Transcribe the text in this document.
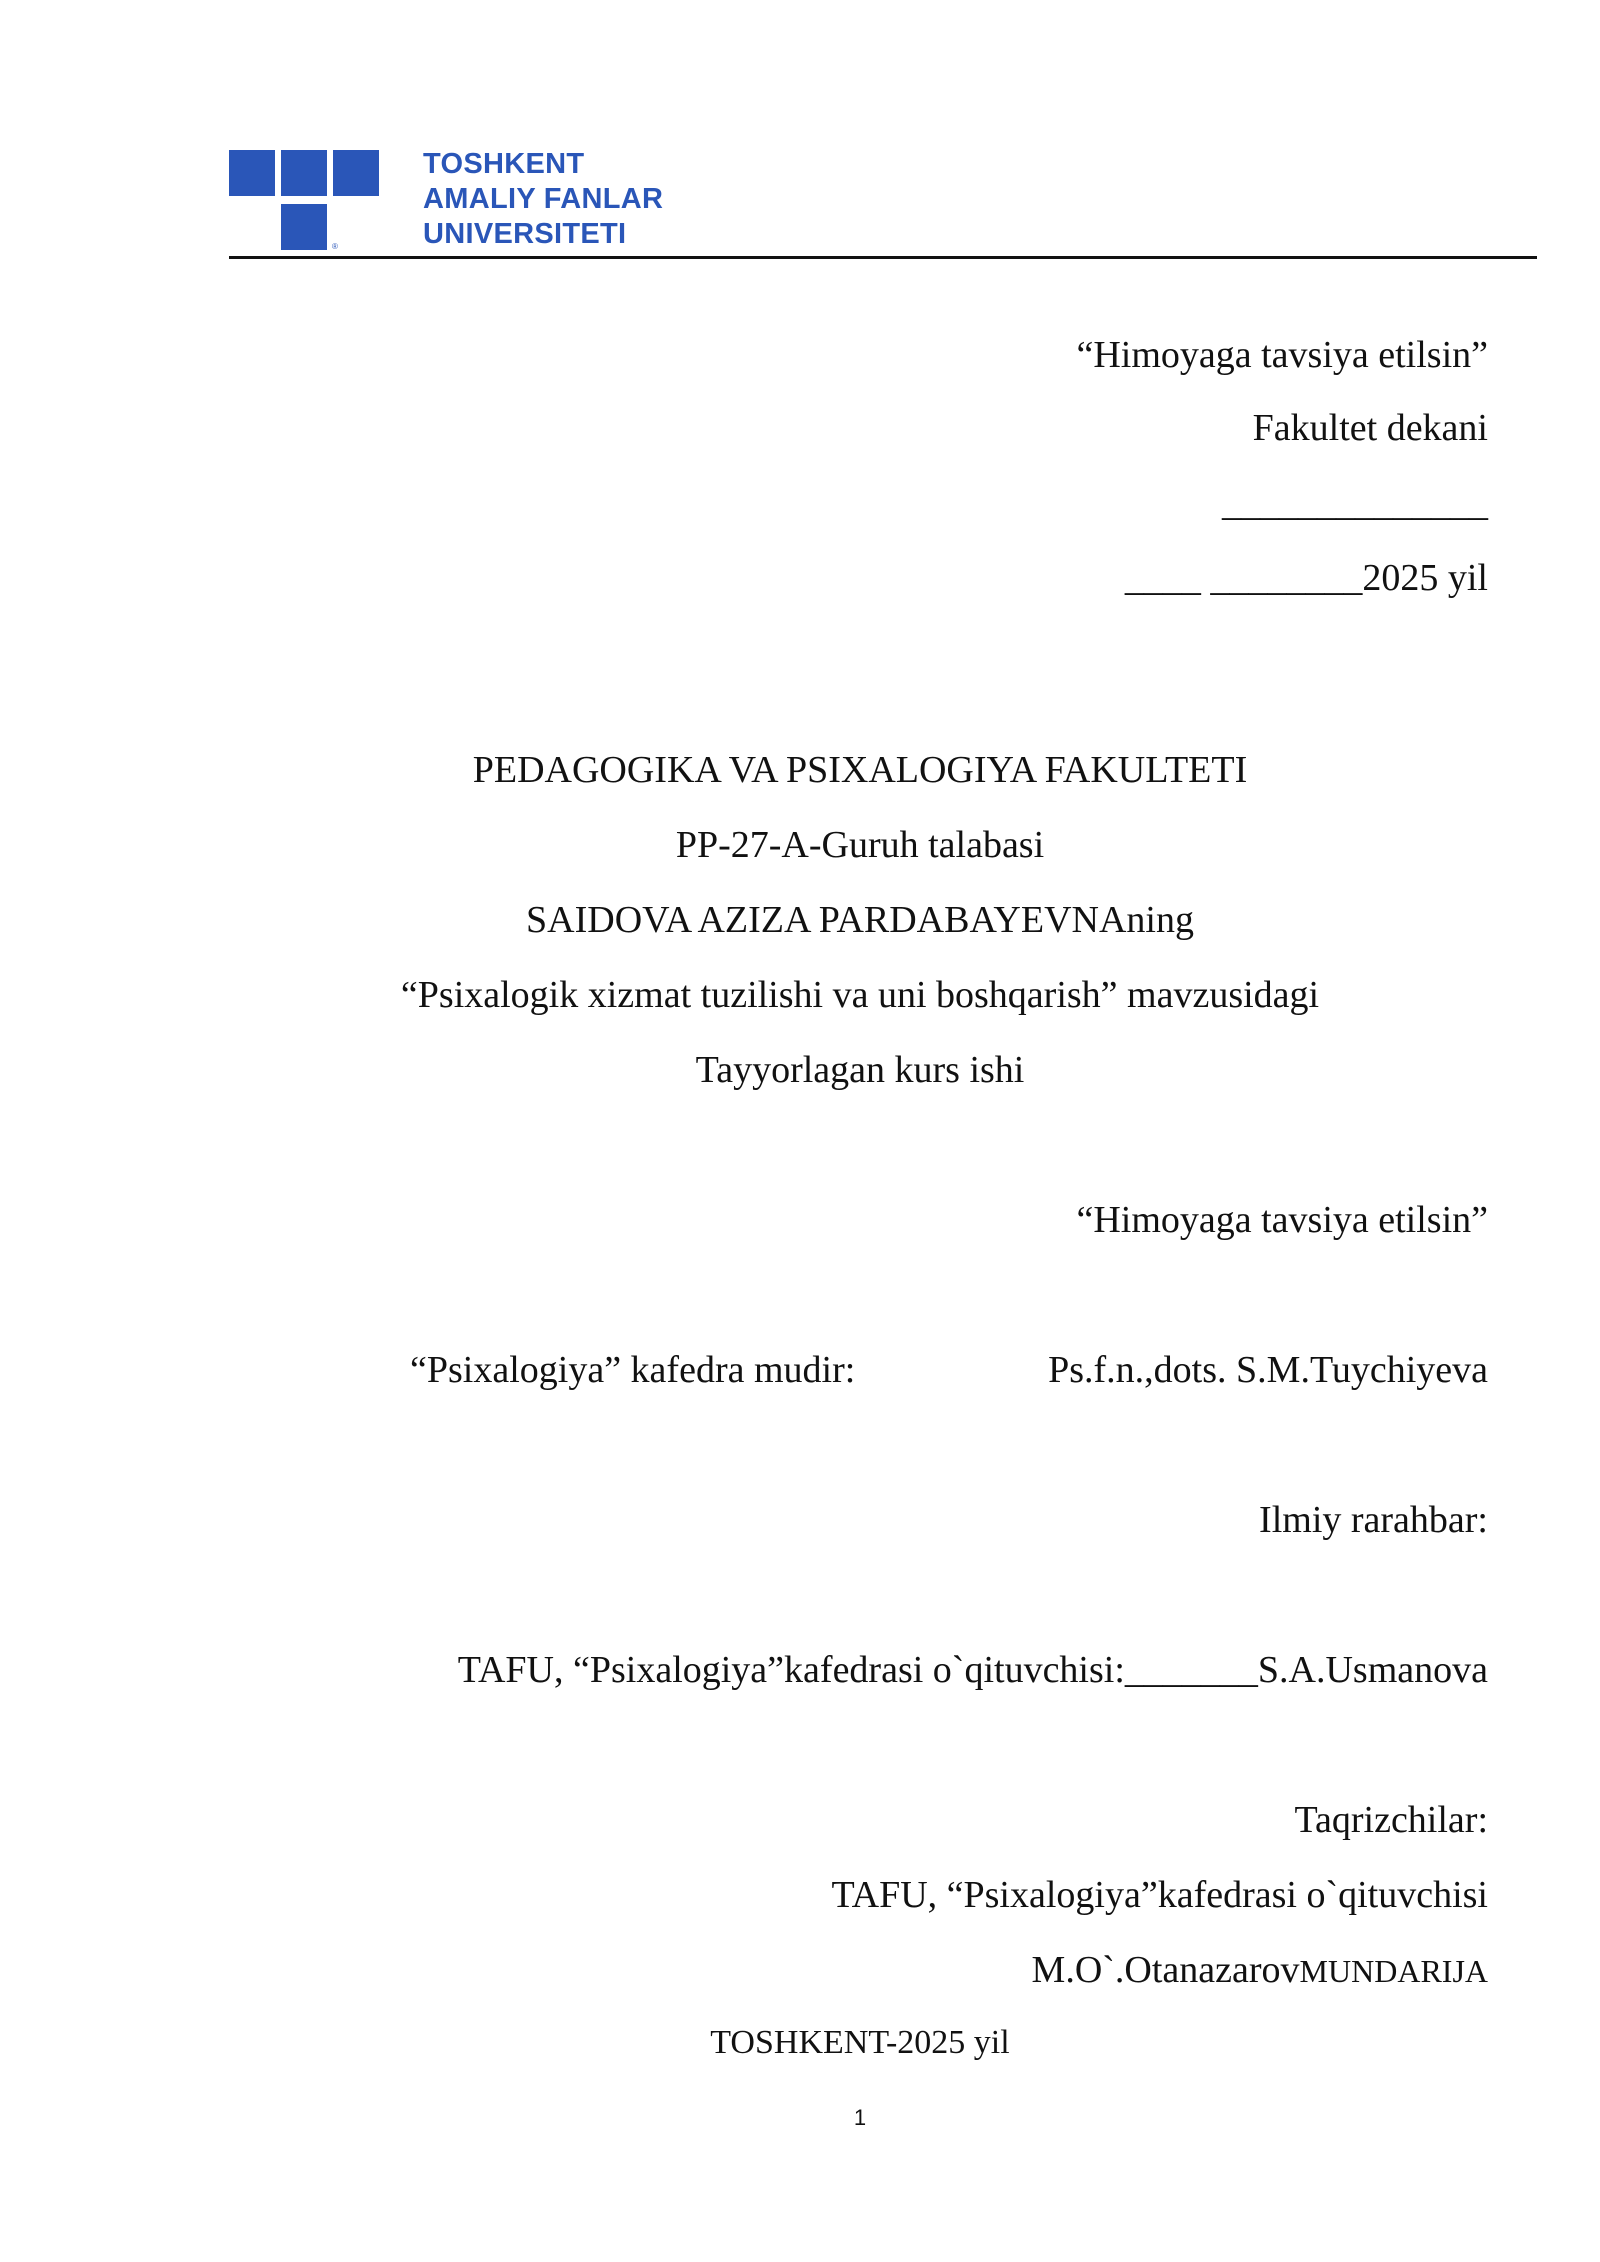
®
TOSHKENT
AMALIY FANLAR
UNIVERSITETI
“Himoyaga tavsiya etilsin”
Fakultet dekani
______________
____ ________2025 yil
PEDAGOGIKA VA PSIXALOGIYA FAKULTETI
PP-27-A-Guruh talabasi
SAIDOVA AZIZA PARDABAYEVNAning
“Psixalogik xizmat tuzilishi va uni boshqarish” mavzusidagi
Tayyorlagan kurs ishi
“Himoyaga tavsiya etilsin”
“Psixalogiya” kafedra mudir:	Ps.f.n.,dots. S.M.Tuychiyeva
Ilmiy rarahbar:
TAFU, “Psixalogiya”kafedrasi o`qituvchisi:_______S.A.Usmanova
Taqrizchilar:
TAFU, “Psixalogiya”kafedrasi o`qituvchisi
M.O`.OtanazarovMUNDARIJA
TOSHKENT-2025 yil
1
